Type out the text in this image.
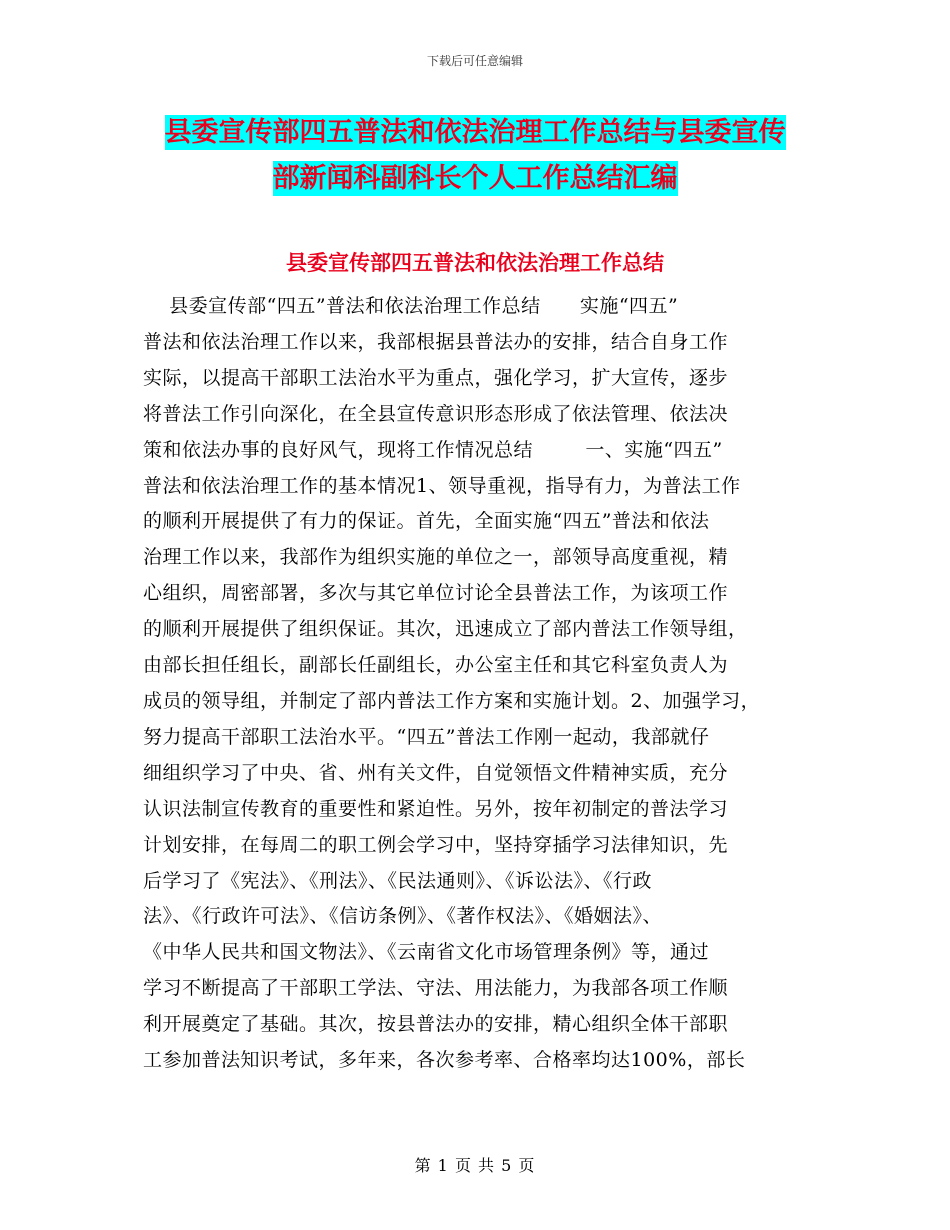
下载后可任意编辑
县委宣传部四五普法和依法治理工作总结与县委宣传
部新闻科副科长个人工作总结汇编
县委宣传部四五普法和依法治理工作总结
县委宣传部“四五”普法和依法治理工作总结      实施“四五”
普法和依法治理工作以来，我部根据县普法办的安排，结合自身工作
实际，以提高干部职工法治水平为重点，强化学习，扩大宣传，逐步
将普法工作引向深化，在全县宣传意识形态形成了依法管理、依法决
策和依法办事的良好风气，现将工作情况总结        一、实施“四五”
普法和依法治理工作的基本情况1、领导重视，指导有力，为普法工作
的顺利开展提供了有力的保证。首先，全面实施“四五”普法和依法
治理工作以来，我部作为组织实施的单位之一，部领导高度重视，精
心组织，周密部署，多次与其它单位讨论全县普法工作，为该项工作
的顺利开展提供了组织保证。其次，迅速成立了部内普法工作领导组，
由部长担任组长，副部长任副组长，办公室主任和其它科室负责人为
成员的领导组，并制定了部内普法工作方案和实施计划。2、加强学习，
努力提高干部职工法治水平。“四五”普法工作刚一起动，我部就仔
细组织学习了中央、省、州有关文件，自觉领悟文件精神实质，充分
认识法制宣传教育的重要性和紧迫性。另外，按年初制定的普法学习
计划安排，在每周二的职工例会学习中，坚持穿插学习法律知识，先
后学习了《宪法》、《刑法》、《民法通则》、《诉讼法》、《行政
法》、《行政许可法》、《信访条例》、《著作权法》、《婚姻法》、
《中华人民共和国文物法》、《云南省文化市场管理条例》等，通过
学习不断提高了干部职工学法、守法、用法能力，为我部各项工作顺
利开展奠定了基础。其次，按县普法办的安排，精心组织全体干部职
工参加普法知识考试，多年来，各次参考率、合格率均达100%，部长
第 1 页 共 5 页
